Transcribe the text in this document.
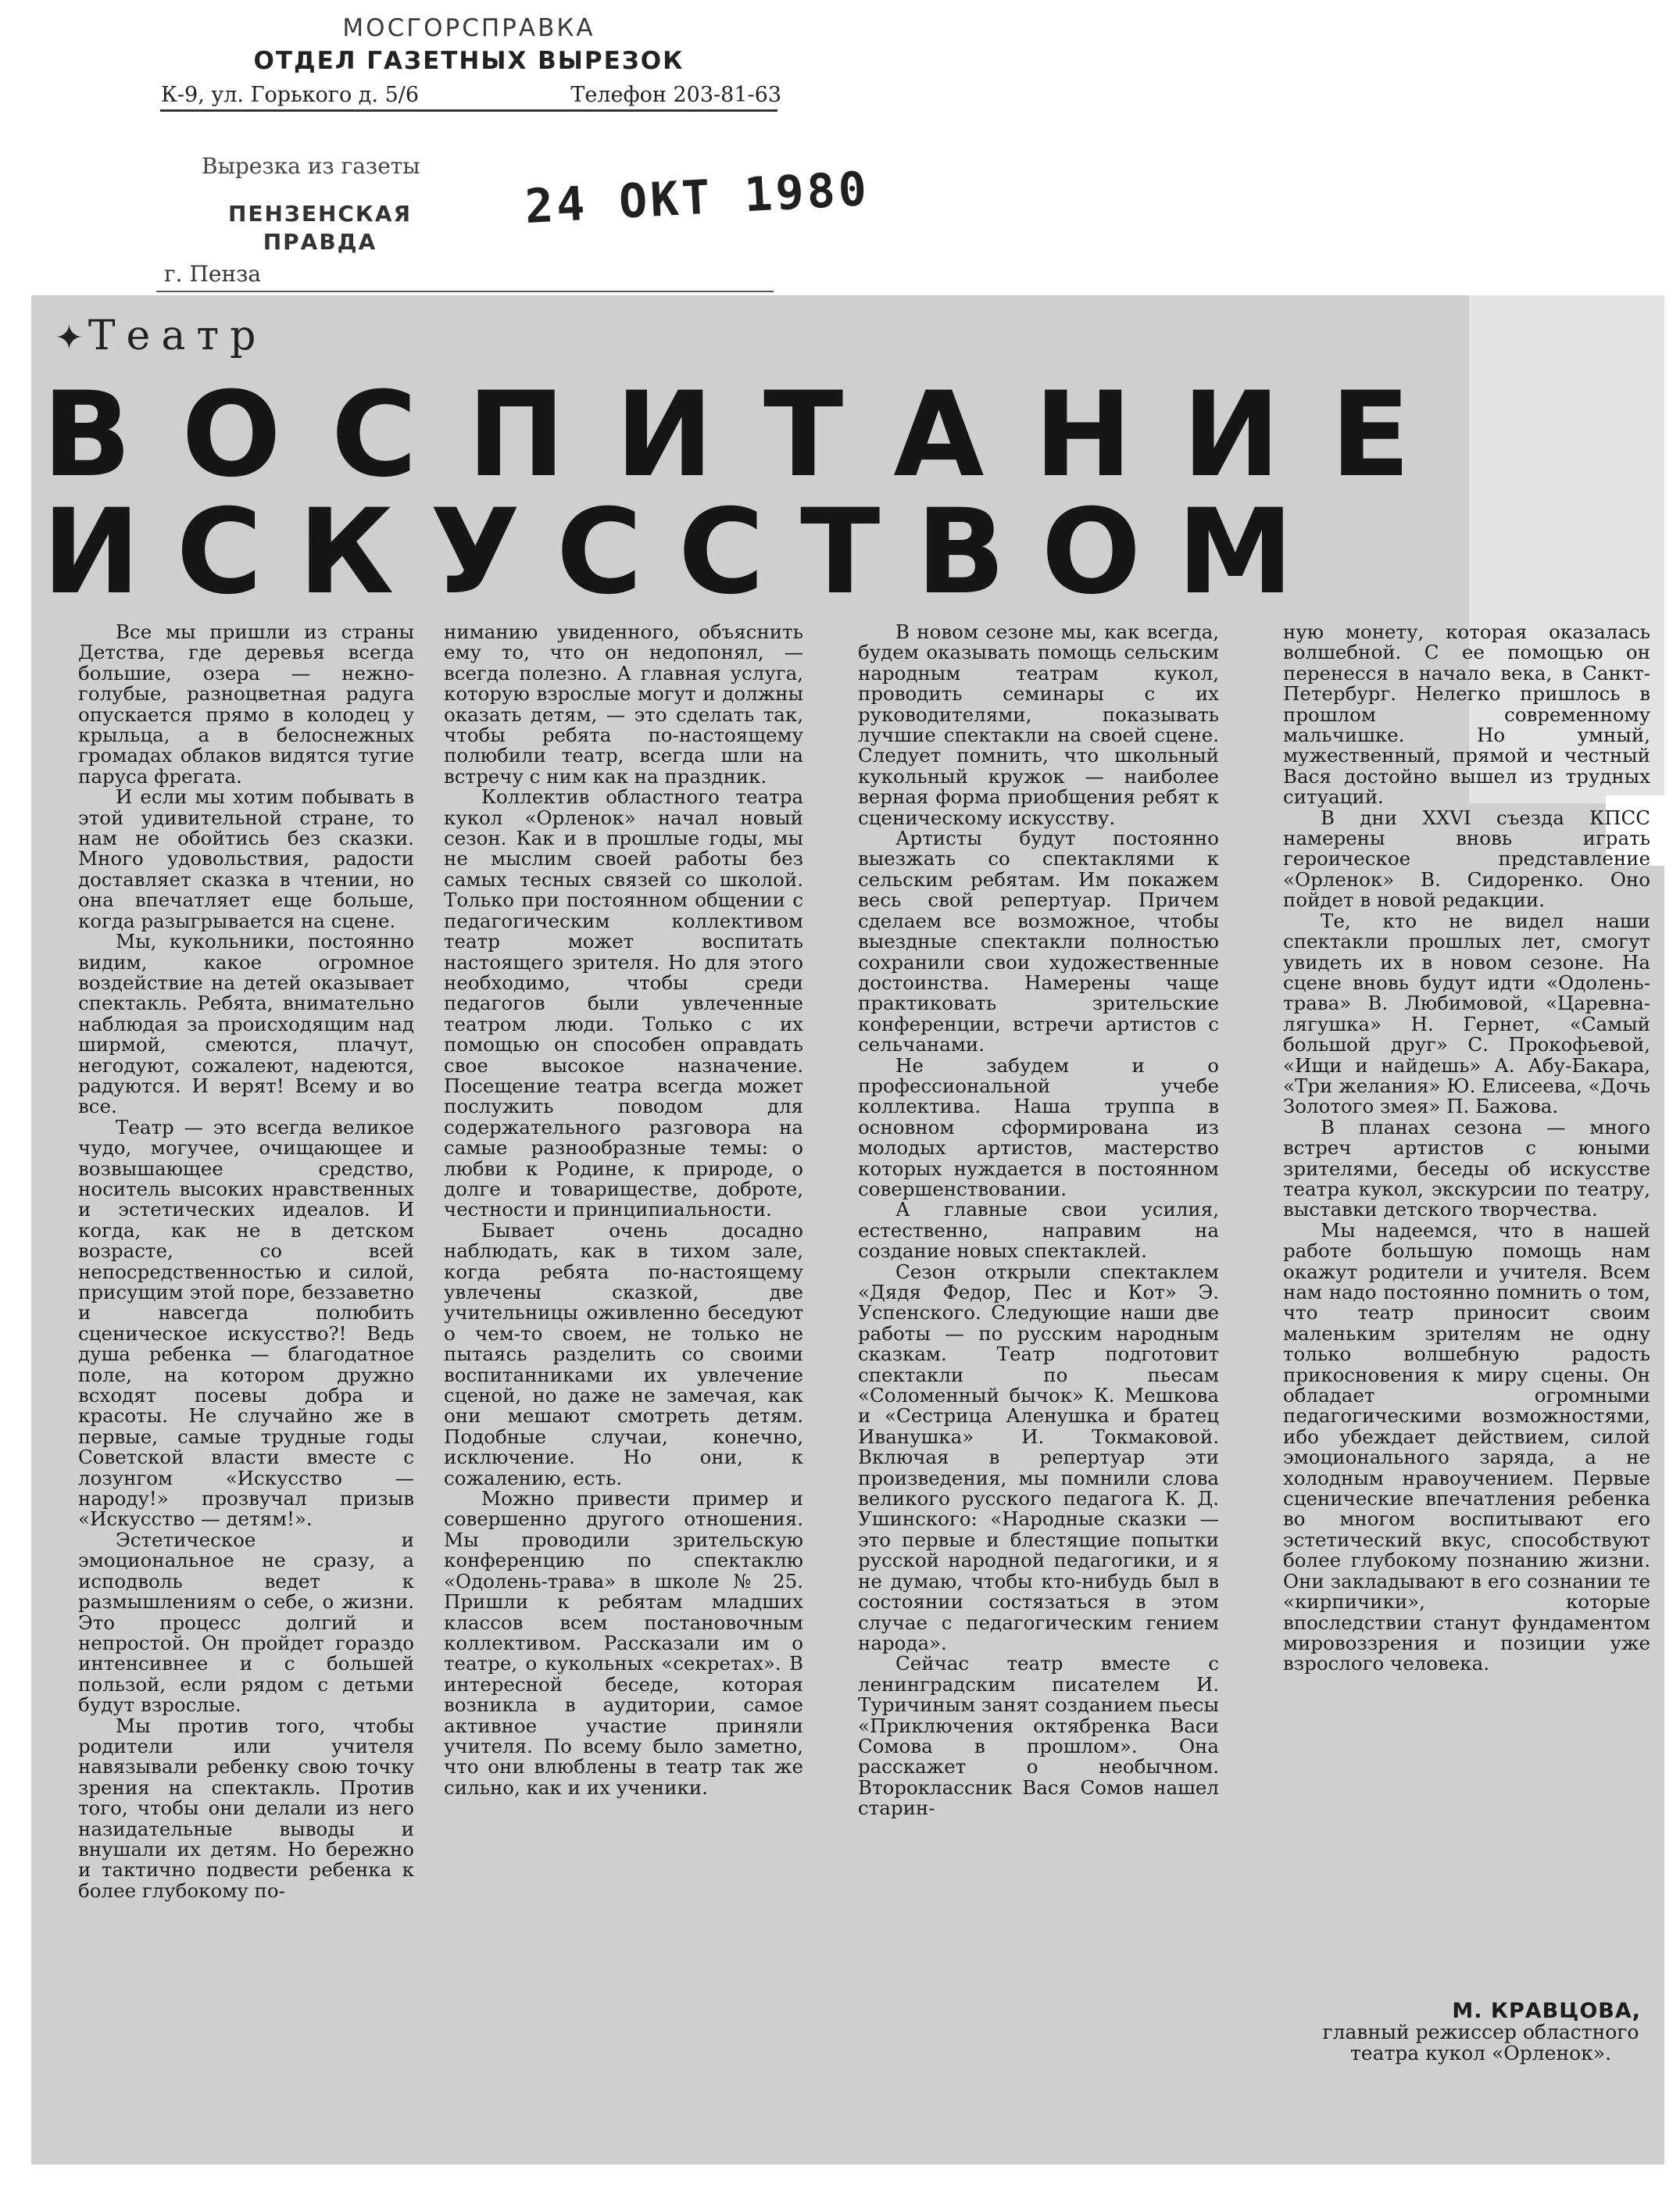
МОСГОРСПРАВКА
ОТДЕЛ ГАЗЕТНЫХ ВЫРЕЗОК
К-9, ул. Горького д. 5/6	Телефон 203-81-63
Вырезка из газеты
ПЕНЗЕНСКАЯ ПРАВДА
г. Пенза
24 ОКТ 1980
✦ Театр
ВОСПИТАНИЕ
ИСКУССТВОМ

Все мы пришли из страны Детства, где деревья всегда большие, озера — нежно-голубые, разноцветная радуга опускается прямо в колодец у крыльца, а в белоснежных громадах облаков видятся тугие паруса фрегата.

И если мы хотим побывать в этой удивительной стране, то нам не обойтись без сказки. Много удовольствия, радости доставляет сказка в чтении, но она впечатляет еще больше, когда разыгрывается на сцене.

Мы, кукольники, постоянно видим, какое огромное воздействие на детей оказывает спектакль. Ребята, внимательно наблюдая за происходящим над ширмой, смеются, плачут, негодуют, сожалеют, надеются, радуются. И верят! Всему и во все.

Театр — это всегда великое чудо, могучее, очищающее и возвышающее средство, носитель высоких нравственных и эстетических идеалов. И когда, как не в детском возрасте, со всей непосредственностью и силой, присущим этой поре, беззаветно и навсегда полюбить сценическое искусство?! Ведь душа ребенка — благодатное поле, на котором дружно всходят посевы добра и красоты. Не случайно же в первые, самые трудные годы Советской власти вместе с лозунгом «Искусство — народу!» прозвучал призыв «Искусство — детям!».

Эстетическое и эмоциональное не сразу, а исподволь ведет к размышлениям о себе, о жизни. Это процесс долгий и непростой. Он пройдет гораздо интенсивнее и с большей пользой, если рядом с детьми будут взрослые.

Мы против того, чтобы родители или учителя навязывали ребенку свою точку зрения на спектакль. Против того, чтобы они делали из него назидательные выводы и внушали их детям. Но бережно и тактично подвести ребенка к более глубокому по-

ниманию увиденного, объяснить ему то, что он недопонял, — всегда полезно. А главная услуга, которую взрослые могут и должны оказать детям, — это сделать так, чтобы ребята по-настоящему полюбили театр, всегда шли на встречу с ним как на праздник.

Коллектив областного театра кукол «Орленок» начал новый сезон. Как и в прошлые годы, мы не мыслим своей работы без самых тесных связей со школой. Только при постоянном общении с педагогическим коллективом театр может воспитать настоящего зрителя. Но для этого необходимо, чтобы среди педагогов были увлеченные театром люди. Только с их помощью он способен оправдать свое высокое назначение. Посещение театра всегда может послужить поводом для содержательного разговора на самые разнообразные темы: о любви к Родине, к природе, о долге и товариществе, доброте, честности и принципиальности.

Бывает очень досадно наблюдать, как в тихом зале, когда ребята по-настоящему увлечены сказкой, две учительницы оживленно беседуют о чем-то своем, не только не пытаясь разделить со своими воспитанниками их увлечение сценой, но даже не замечая, как они мешают смотреть детям. Подобные случаи, конечно, исключение. Но они, к сожалению, есть.

Можно привести пример и совершенно другого отношения. Мы проводили зрительскую конференцию по спектаклю «Одолень-трава» в школе № 25. Пришли к ребятам младших классов всем постановочным коллективом. Рассказали им о театре, о кукольных «секретах». В интересной беседе, которая возникла в аудитории, самое активное участие приняли учителя. По всему было заметно, что они влюблены в театр так же сильно, как и их ученики.

В новом сезоне мы, как всегда, будем оказывать помощь сельским народным театрам кукол, проводить семинары с их руководителями, показывать лучшие спектакли на своей сцене. Следует помнить, что школьный кукольный кружок — наиболее верная форма приобщения ребят к сценическому искусству.

Артисты будут постоянно выезжать со спектаклями к сельским ребятам. Им покажем весь свой репертуар. Причем сделаем все возможное, чтобы выездные спектакли полностью сохранили свои художественные достоинства. Намерены чаще практиковать зрительские конференции, встречи артистов с сельчанами.

Не забудем и о профессиональной учебе коллектива. Наша труппа в основном сформирована из молодых артистов, мастерство которых нуждается в постоянном совершенствовании.

А главные свои усилия, естественно, направим на создание новых спектаклей.

Сезон открыли спектаклем «Дядя Федор, Пес и Кот» Э. Успенского. Следующие наши две работы — по русским народным сказкам. Театр подготовит спектакли по пьесам «Соломенный бычок» К. Мешкова и «Сестрица Аленушка и братец Иванушка» И. Токмаковой. Включая в репертуар эти произведения, мы помнили слова великого русского педагога К. Д. Ушинского: «Народные сказки — это первые и блестящие попытки русской народной педагогики, и я не думаю, чтобы кто-нибудь был в состоянии состязаться в этом случае с педагогическим гением народа».

Сейчас театр вместе с ленинградским писателем И. Туричиным занят созданием пьесы «Приключения октябренка Васи Сомова в прошлом». Она расскажет о необычном. Второклассник Вася Сомов нашел старин-

ную монету, которая оказалась волшебной. С ее помощью он перенесся в начало века, в Санкт-Петербург. Нелегко пришлось в прошлом современному мальчишке. Но умный, мужественный, прямой и честный Вася достойно вышел из трудных ситуаций.

В дни XXVI съезда КПСС намерены вновь играть героическое представление «Орленок» В. Сидоренко. Оно пойдет в новой редакции.

Те, кто не видел наши спектакли прошлых лет, смогут увидеть их в новом сезоне. На сцене вновь будут идти «Одолень-трава» В. Любимовой, «Царевна-лягушка» Н. Гернет, «Самый большой друг» С. Прокофьевой, «Ищи и найдешь» А. Абу-Бакара, «Три желания» Ю. Елисеева, «Дочь Золотого змея» П. Бажова.

В планах сезона — много встреч артистов с юными зрителями, беседы об искусстве театра кукол, экскурсии по театру, выставки детского творчества.

Мы надеемся, что в нашей работе большую помощь нам окажут родители и учителя. Всем нам надо постоянно помнить о том, что театр приносит своим маленьким зрителям не одну только волшебную радость прикосновения к миру сцены. Он обладает огромными педагогическими возможностями, ибо убеждает действием, силой эмоционального заряда, а не холодным нравоучением. Первые сценические впечатления ребенка во многом воспитывают его эстетический вкус, способствуют более глубокому познанию жизни. Они закладывают в его сознании те «кирпичики», которые впоследствии станут фундаментом мировоззрения и позиции уже взрослого человека.

М. КРАВЦОВА,
главный режиссер областного театра кукол «Орленок».
